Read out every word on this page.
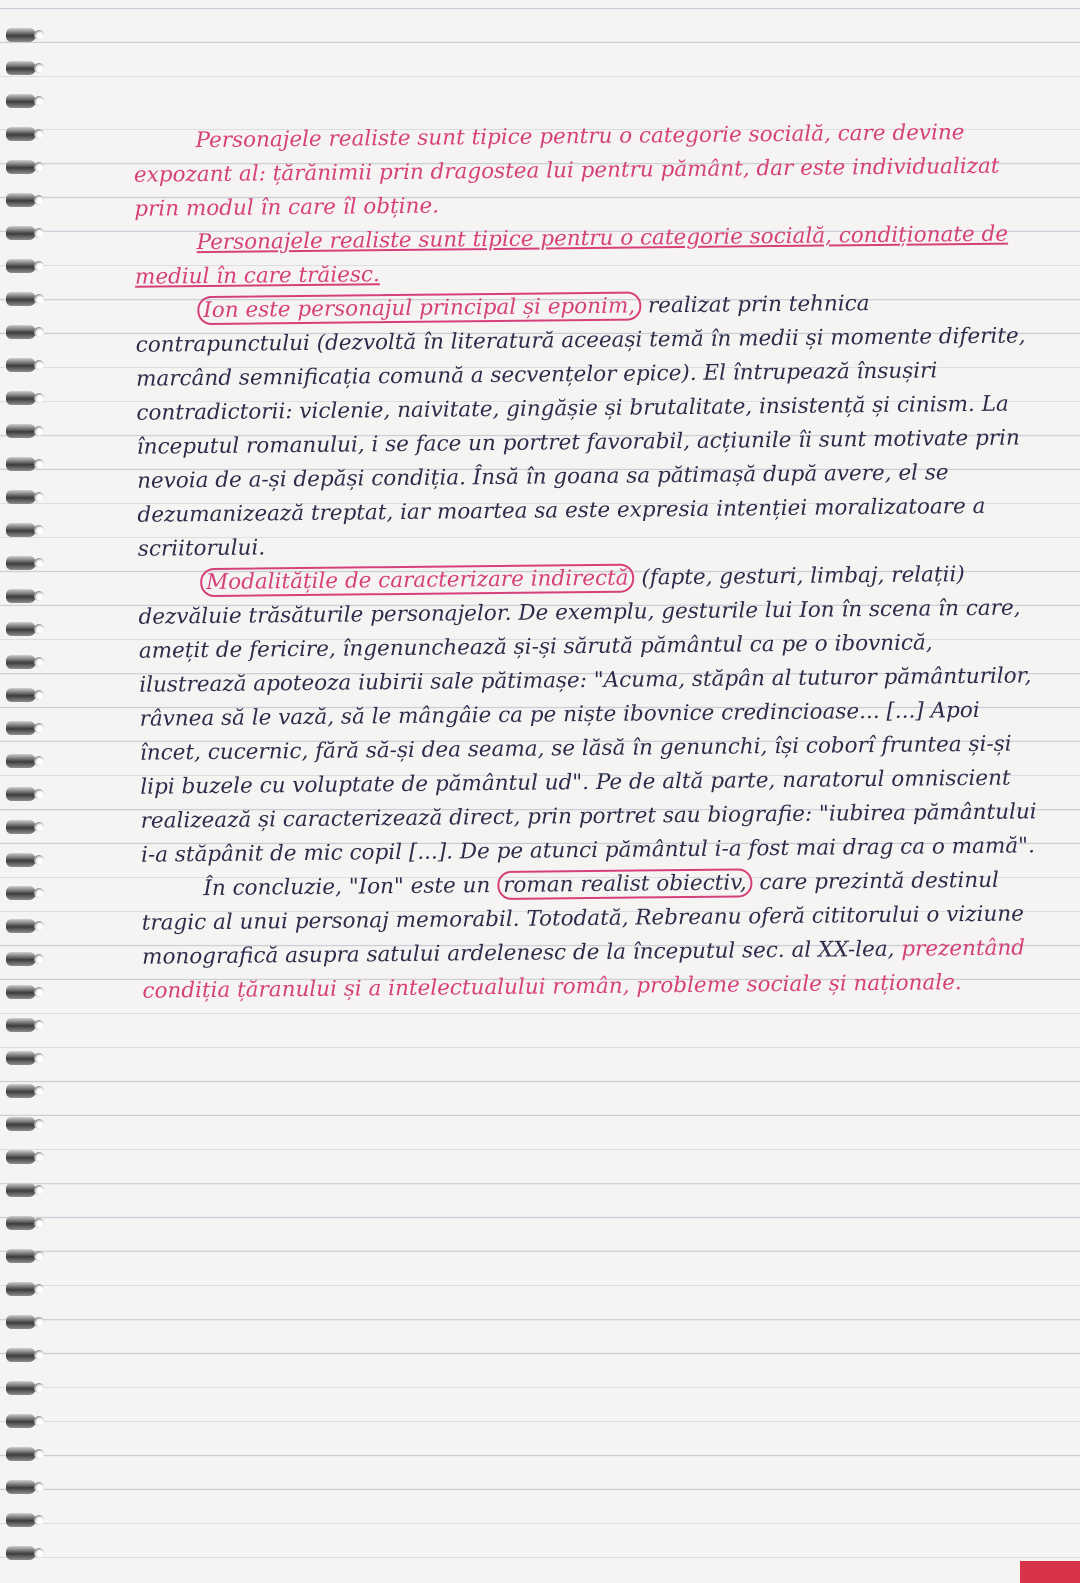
Personajele realiste sunt tipice pentru o categorie socială, care devine expozant al: țărănimii prin dragostea lui pentru pământ, dar este individualizat prin modul în care îl obține.

Personajele realiste sunt tipice pentru o categorie socială, condiționate de mediul în care trăiesc.

Ion este personajul principal și eponim, realizat prin tehnica contrapunctului (dezvoltă în literatură aceeași temă în medii și momente diferite, marcând semnificația comună a secvențelor epice). El întrupează însușiri contradictorii: viclenie, naivitate, gingășie și brutalitate, insistență și cinism. La începutul romanului, i se face un portret favorabil, acțiunile îi sunt motivate prin nevoia de a-și depăși condiția. Însă în goana sa pătimașă după avere, el se dezumanizează treptat, iar moartea sa este expresia intenției moralizatoare a scriitorului.

Modalitățile de caracterizare indirectă (fapte, gesturi, limbaj, relații) dezvăluie trăsăturile personajelor. De exemplu, gesturile lui Ion în scena în care, amețit de fericire, îngenunchează și-și sărută pământul ca pe o ibovnică, ilustrează apoteoza iubirii sale pătimașe: "Acuma, stăpân al tuturor pământurilor, râvnea să le vază, să le mângâie ca pe niște ibovnice credincioase... [...] Apoi încet, cucernic, fără să-și dea seama, se lăsă în genunchi, își coborî fruntea și-și lipi buzele cu voluptate de pământul ud". Pe de altă parte, naratorul omniscient realizează și caracterizează direct, prin portret sau biografie: "iubirea pământului i-a stăpânit de mic copil [...]. De pe atunci pământul i-a fost mai drag ca o mamă".

În concluzie, "Ion" este un roman realist obiectiv, care prezintă destinul tragic al unui personaj memorabil. Totodată, Rebreanu oferă cititorului o viziune monografică asupra satului ardelenesc de la începutul sec. al XX-lea, prezentând condiția țăranului și a intelectualului român, probleme sociale și naționale.
